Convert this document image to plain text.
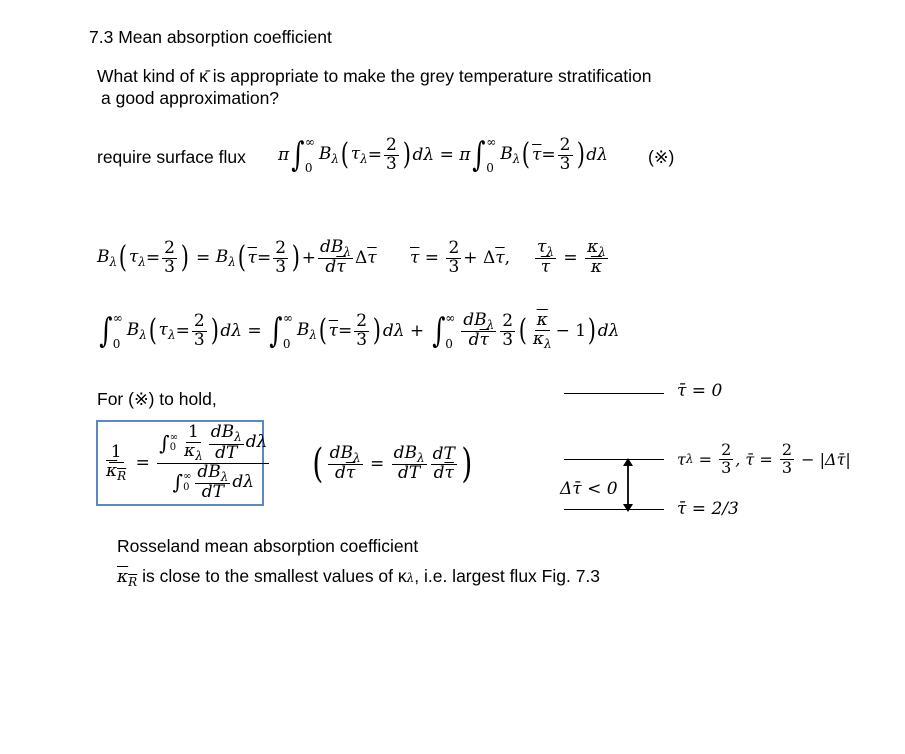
7.3 Mean absorption coefficient
What kind of κ̄ is appropriate to make the grey temperature stratification
a good approximation?
require surface flux π ∫ ∞
0
$B_\lambda$ ( $\tau_\lambda = \frac{2}{3}$ ) dλ = π ∫ ∞
0
$B_\lambda$ ( $\overline{\tau} = \frac{2}{3}$ ) dλ (※)
$B_\lambda$ ( $\tau_\lambda = \frac{2}{3}$ ) = $B_\lambda$ ( $\overline{\tau} = \frac{2}{3}$ ) + $\frac{dB_\lambda}{d\overline{\tau}}$ Δ $\overline{\tau}$ $\overline{\tau} = \frac{2}{3} + \Delta$ $\overline{\tau}$ , $\frac{\tau_\lambda}{\tau} = \frac{\kappa_\lambda}{\kappa}$
∫ ∞
0
$B_\lambda$ ( $\tau_\lambda = \frac{2}{3}$ ) dλ = ∫ ∞
0
$B_\lambda$ ( $\overline{\tau} = \frac{2}{3}$ ) dλ + ∫ ∞
$0 \frac{dB_\lambda}{d\overline{\tau}} \frac{2}{3}$ ( $\frac{\overline{\kappa}}{\kappa_\lambda} - 1$ ) dλ
For (※) to hold,
$\frac{1}{\kappa_R}$ = ∫ ∞
$0 \frac{1}{\kappa_\lambda} \frac{dB_\lambda}{dT}$ dλ
∫ ∞
$0 \frac{dB_\lambda}{dT}$ dλ ( $\frac{dB_\lambda}{d\overline{\tau}} = \frac{dB_\lambda}{dT} \frac{dT}{d\overline{\tau}}$ )
τ̄ = 0
τ λ
=
$\frac{2}{3}$ , τ̄ =
$\frac{2}{3}$
− |Δτ̄|
τ̄ = 2/3
Δτ̄ < 0
Rosseland mean absorption coefficient
$\kappa_R$
is close to the smallest values of κ λ , i.e. largest flux Fig. 7.3
